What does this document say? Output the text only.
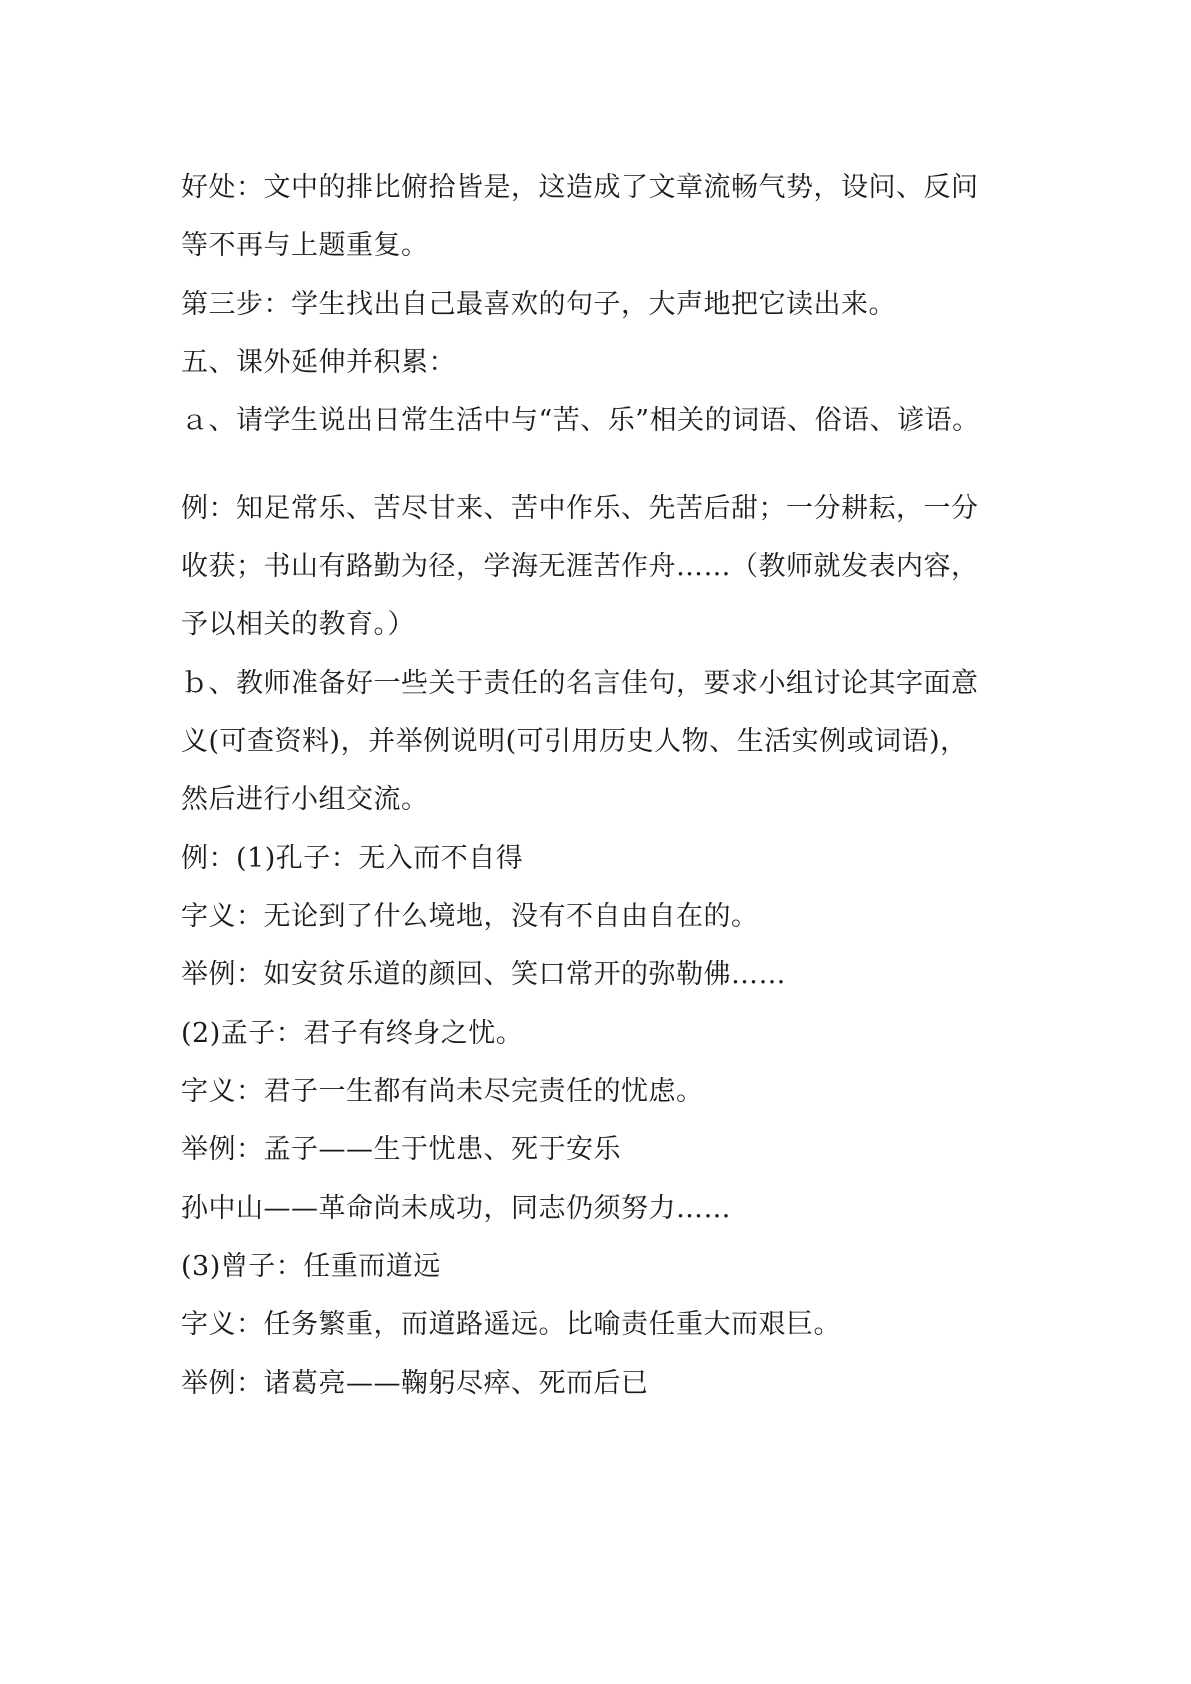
好处：文中的排比俯拾皆是，这造成了文章流畅气势，设问、反问
等不再与上题重复。
第三步：学生找出自己最喜欢的句子，大声地把它读出来。
五、课外延伸并积累：
ａ、请学生说出日常生活中与“苦、乐”相关的词语、俗语、谚语。
例：知足常乐、苦尽甘来、苦中作乐、先苦后甜；一分耕耘，一分
收获；书山有路勤为径，学海无涯苦作舟……（教师就发表内容，
予以相关的教育。）
ｂ、教师准备好一些关于责任的名言佳句，要求小组讨论其字面意
义(可查资料)，并举例说明(可引用历史人物、生活实例或词语)，
然后进行小组交流。
例：(1)孔子：无入而不自得
字义：无论到了什么境地，没有不自由自在的。
举例：如安贫乐道的颜回、笑口常开的弥勒佛……
(2)孟子：君子有终身之忧。
字义：君子一生都有尚未尽完责任的忧虑。
举例：孟子——生于忧患、死于安乐
孙中山——革命尚未成功，同志仍须努力……
(3)曾子：任重而道远
字义：任务繁重，而道路遥远。比喻责任重大而艰巨。
举例：诸葛亮——鞠躬尽瘁、死而后已
